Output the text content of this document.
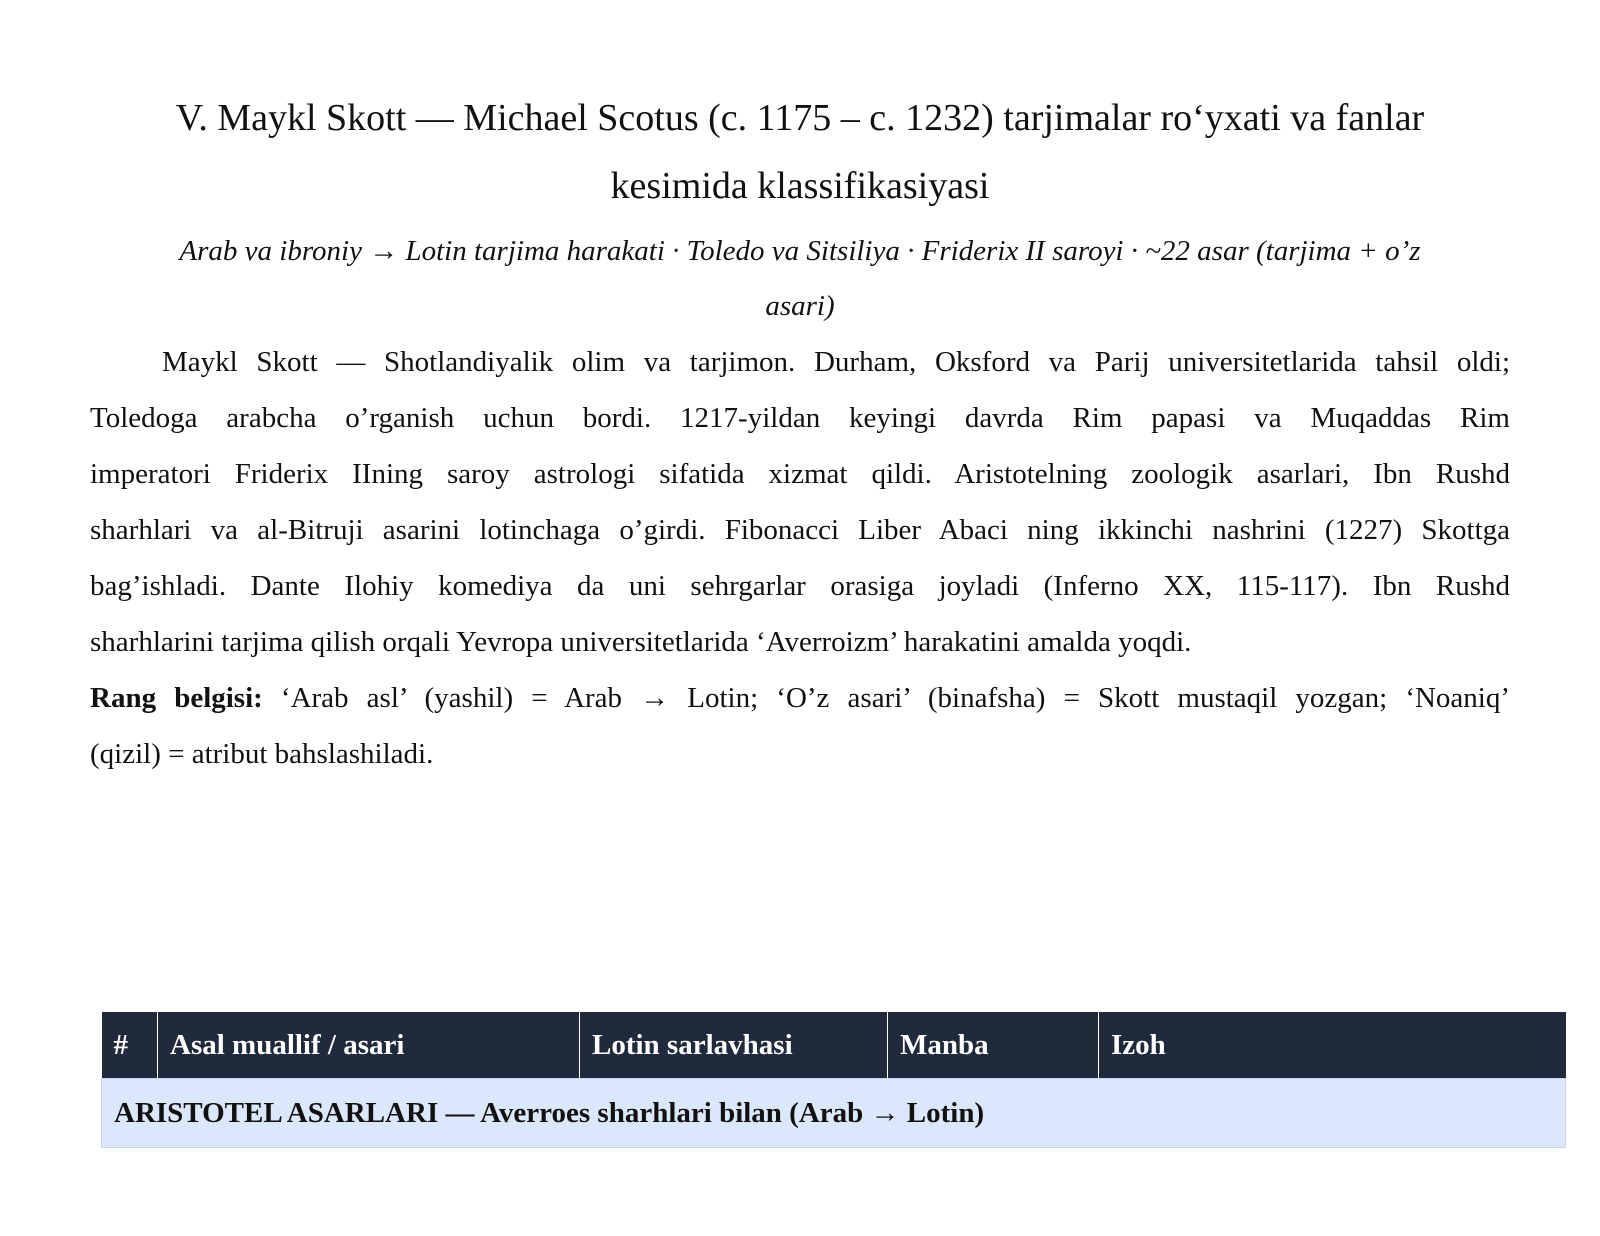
V. Maykl Skott — Michael Scotus (c. 1175 – c. 1232) tarjimalar ro‘yxati va fanlar
kesimida klassifikasiyasi

Arab va ibroniy → Lotin tarjima harakati · Toledo va Sitsiliya · Friderix II saroyi · ~22 asar (tarjima + o’z
asari)

Maykl Skott — Shotlandiyalik olim va tarjimon. Durham, Oksford va Parij universitetlarida tahsil oldi;
Toledoga arabcha o’rganish uchun bordi. 1217-yildan keyingi davrda Rim papasi va Muqaddas Rim
imperatori Friderix IIning saroy astrologi sifatida xizmat qildi. Aristotelning zoologik asarlari, Ibn Rushd
sharhlari va al-Bitruji asarini lotinchaga o’girdi. Fibonacci Liber Abaci ning ikkinchi nashrini (1227) Skottga
bag’ishladi. Dante Ilohiy komediya da uni sehrgarlar orasiga joyladi (Inferno XX, 115-117). Ibn Rushd
sharhlarini tarjima qilish orqali Yevropa universitetlarida ‘Averroizm’ harakatini amalda yoqdi.

Rang belgisi: ‘Arab asl’ (yashil) = Arab → Lotin; ‘O’z asari’ (binafsha) = Skott mustaqil yozgan; ‘Noaniq’
(qizil) = atribut bahslashiladi.

#	Asal muallif / asari	Lotin sarlavhasi	Manba	Izoh
ARISTOTEL ASARLARI — Averroes sharhlari bilan (Arab → Lotin)
